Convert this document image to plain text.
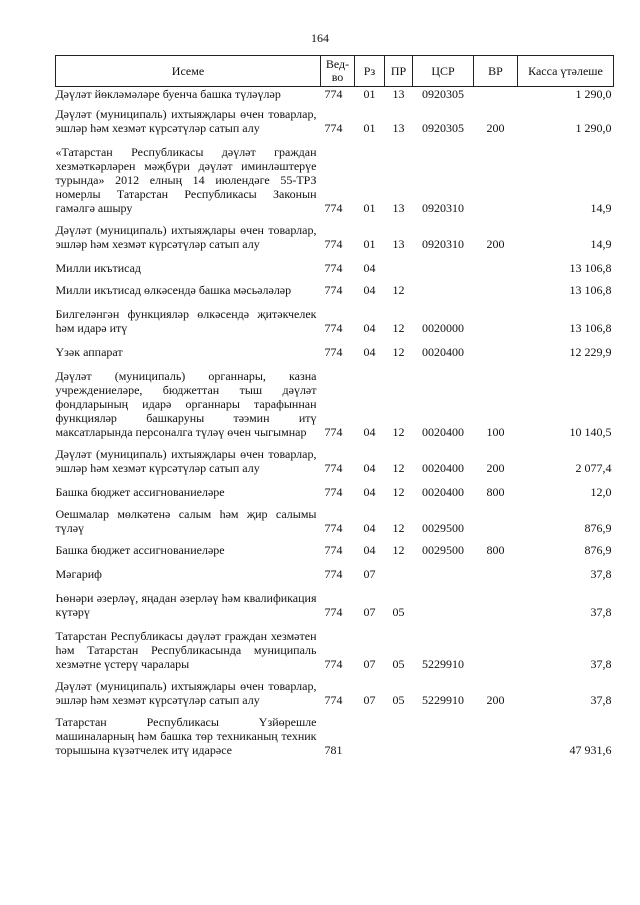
164
Исеме	Вед-во	Рз	ПР	ЦСР	ВР	Касса үтәлеше
Дәүләт йөкләмәләре буенча башка түләүләр	774	01	13	0920305		1 290,0
Дәүләт (муниципаль) ихтыяҗлары өчен товарлар, эшләр һәм хезмәт күрсәтүләр сатып алу	774	01	13	0920305	200	1 290,0
«Татарстан Республикасы дәүләт граждан хезмәткәрләрен мәҗбүри дәүләт иминләштерүе турында» 2012 елның 14 июлендәге 55-ТРЗ номерлы Татарстан Республикасы Законын гамәлгә ашыру	774	01	13	0920310		14,9
Дәүләт (муниципаль) ихтыяҗлары өчен товарлар, эшләр һәм хезмәт күрсәтүләр сатып алу	774	01	13	0920310	200	14,9
Милли икътисад	774	04				13 106,8
Милли икътисад өлкәсендә башка мәсьәләләр	774	04	12			13 106,8
Билгеләнгән функцияләр өлкәсендә җитәкчелек һәм идарә итү	774	04	12	0020000		13 106,8
Үзәк аппарат	774	04	12	0020400		12 229,9
Дәүләт (муниципаль) органнары, казна учреждениеләре, бюджеттан тыш дәүләт фондларының идарә органнары тарафыннан функцияләр башкаруны тәэмин итү максатларында персоналга түләү өчен чыгымнар	774	04	12	0020400	100	10 140,5
Дәүләт (муниципаль) ихтыяҗлары өчен товарлар, эшләр һәм хезмәт күрсәтүләр сатып алу	774	04	12	0020400	200	2 077,4
Башка бюджет ассигнованиеләре	774	04	12	0020400	800	12,0
Оешмалар мөлкәтенә салым һәм җир салымы түләү	774	04	12	0029500		876,9
Башка бюджет ассигнованиеләре	774	04	12	0029500	800	876,9
Мәгариф	774	07				37,8
Һөнәри әзерләү, яңадан әзерләү һәм квалификация күтәрү	774	07	05			37,8
Татарстан Республикасы дәүләт граждан хезмәтен һәм Татарстан Республикасында муниципаль хезмәтне үстерү чаралары	774	07	05	5229910		37,8
Дәүләт (муниципаль) ихтыяҗлары өчен товарлар, эшләр һәм хезмәт күрсәтүләр сатып алу	774	07	05	5229910	200	37,8
Татарстан Республикасы Үзйөрешле машиналарның һәм башка төр техниканың техник торышына күзәтчелек итү идарәсе	781					47 931,6
